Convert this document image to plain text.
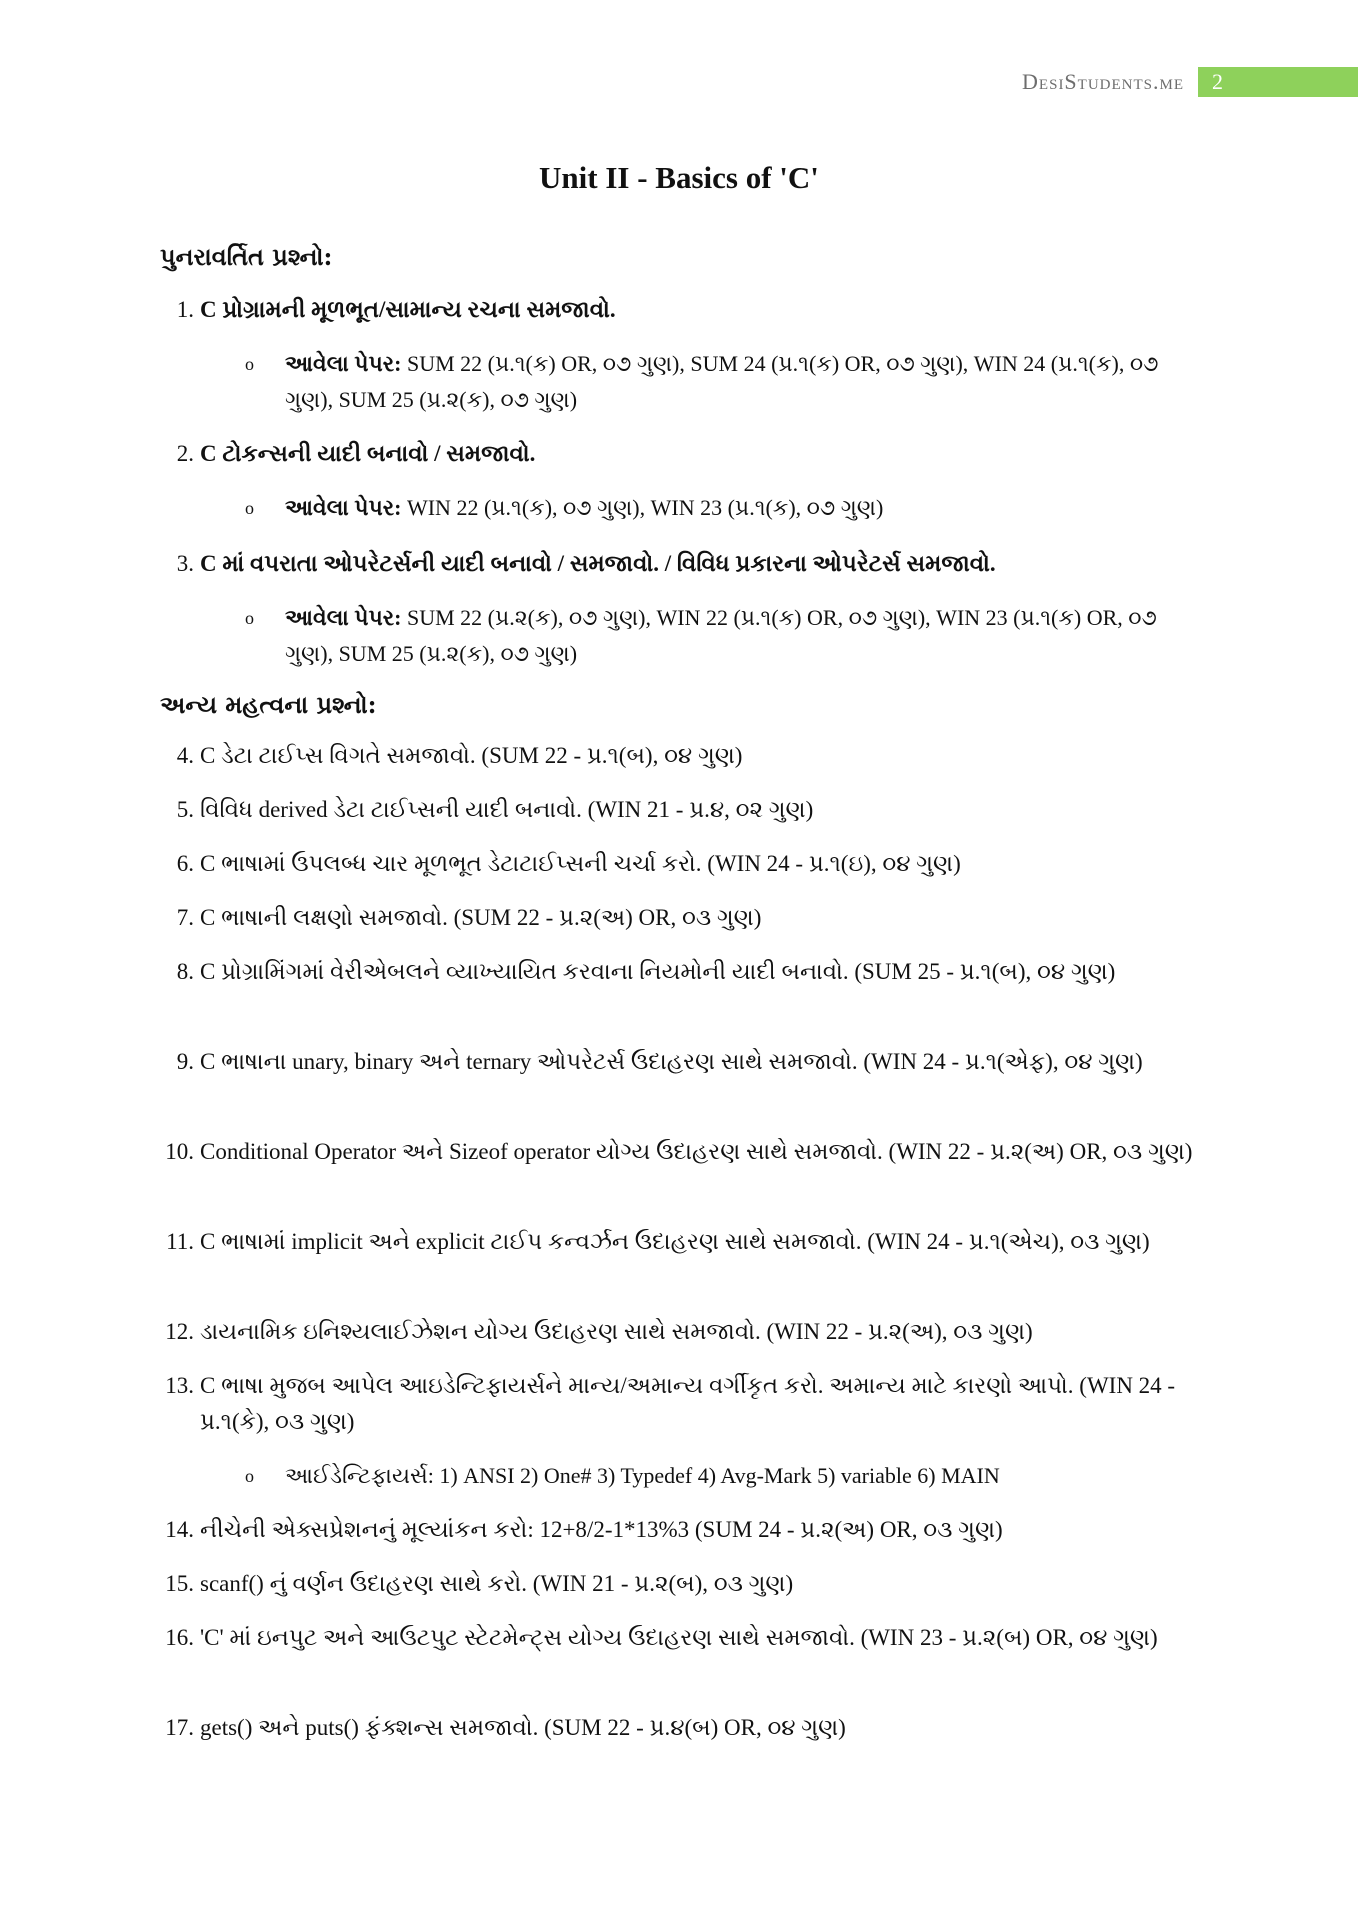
DesiStudents.me	2
Unit II - Basics of 'C'
પુનરાવર્તિત પ્રશ્નો:
1. C પ્રોગ્રામની મૂળભૂત/સામાન્ય રચના સમજાવો.
o આવેલા પેપર: SUM 22 (પ્ર.૧(ક) OR, ૦૭ ગુણ), SUM 24 (પ્ર.૧(ક) OR, ૦૭ ગુણ), WIN 24 (પ્ર.૧(ક), ૦૭ ગુણ), SUM 25 (પ્ર.૨(ક), ૦૭ ગુણ)
2. C ટોકન્સની યાદી બનાવો / સમજાવો.
o આવેલા પેપર: WIN 22 (પ્ર.૧(ક), ૦૭ ગુણ), WIN 23 (પ્ર.૧(ક), ૦૭ ગુણ)
3. C માં વપરાતા ઓપરેટર્સની યાદી બનાવો / સમજાવો. / વિવિધ પ્રકારના ઓપરેટર્સ સમજાવો.
o આવેલા પેપર: SUM 22 (પ્ર.૨(ક), ૦૭ ગુણ), WIN 22 (પ્ર.૧(ક) OR, ૦૭ ગુણ), WIN 23 (પ્ર.૧(ક) OR, ૦૭ ગુણ), SUM 25 (પ્ર.૨(ક), ૦૭ ગુણ)
અન્ય મહત્વના પ્રશ્નો:
4. C ડેટા ટાઈપ્સ વિગતે સમજાવો. (SUM 22 - પ્ર.૧(બ), ૦૪ ગુણ)
5. વિવિધ derived ડેટા ટાઈપ્સની યાદી બનાવો. (WIN 21 - પ્ર.૪, ૦૨ ગુણ)
6. C ભાષામાં ઉપલબ્ધ ચાર મૂળભૂત ડેટાટાઈપ્સની ચર્ચા કરો. (WIN 24 - પ્ર.૧(ઇ), ૦૪ ગુણ)
7. C ભાષાની લક્ષણો સમજાવો. (SUM 22 - પ્ર.૨(અ) OR, ૦૩ ગુણ)
8. C પ્રોગ્રામિંગમાં વેરીએબલને વ્યાખ્યાયિત કરવાના નિયમોની યાદી બનાવો. (SUM 25 - પ્ર.૧(બ), ૦૪ ગુણ)
9. C ભાષાના unary, binary અને ternary ઓપરેટર્સ ઉદાહરણ સાથે સમજાવો. (WIN 24 - પ્ર.૧(એફ), ૦૪ ગુણ)
10. Conditional Operator અને Sizeof operator યોગ્ય ઉદાહરણ સાથે સમજાવો. (WIN 22 - પ્ર.૨(અ) OR, ૦૩ ગુણ)
11. C ભાષામાં implicit અને explicit ટાઈપ કન્વર્ઝન ઉદાહરણ સાથે સમજાવો. (WIN 24 - પ્ર.૧(એચ), ૦૩ ગુણ)
12. ડાયનામિક ઇનિશ્યલાઈઝેશન યોગ્ય ઉદાહરણ સાથે સમજાવો. (WIN 22 - પ્ર.૨(અ), ૦૩ ગુણ)
13. C ભાષા મુજબ આપેલ આઇડેન્ટિફાયર્સને માન્ય/અમાન્ય વર્ગીકૃત કરો. અમાન્ય માટે કારણો આપો. (WIN 24 - પ્ર.૧(કે), ૦૩ ગુણ)
o આઈડેન્ટિફાયર્સ: 1) ANSI 2) One# 3) Typedef 4) Avg-Mark 5) variable 6) MAIN
14. નીચેની એક્સપ્રેશનનું મૂલ્યાંકન કરો: 12+8/2-1*13%3 (SUM 24 - પ્ર.૨(અ) OR, ૦૩ ગુણ)
15. scanf() નું વર્ણન ઉદાહરણ સાથે કરો. (WIN 21 - પ્ર.૨(બ), ૦૩ ગુણ)
16. 'C' માં ઇનપુટ અને આઉટપુટ સ્ટેટમેન્ટ્સ યોગ્ય ઉદાહરણ સાથે સમજાવો. (WIN 23 - પ્ર.૨(બ) OR, ૦૪ ગુણ)
17. gets() અને puts() ફંક્શન્સ સમજાવો. (SUM 22 - પ્ર.૪(બ) OR, ૦૪ ગુણ)
